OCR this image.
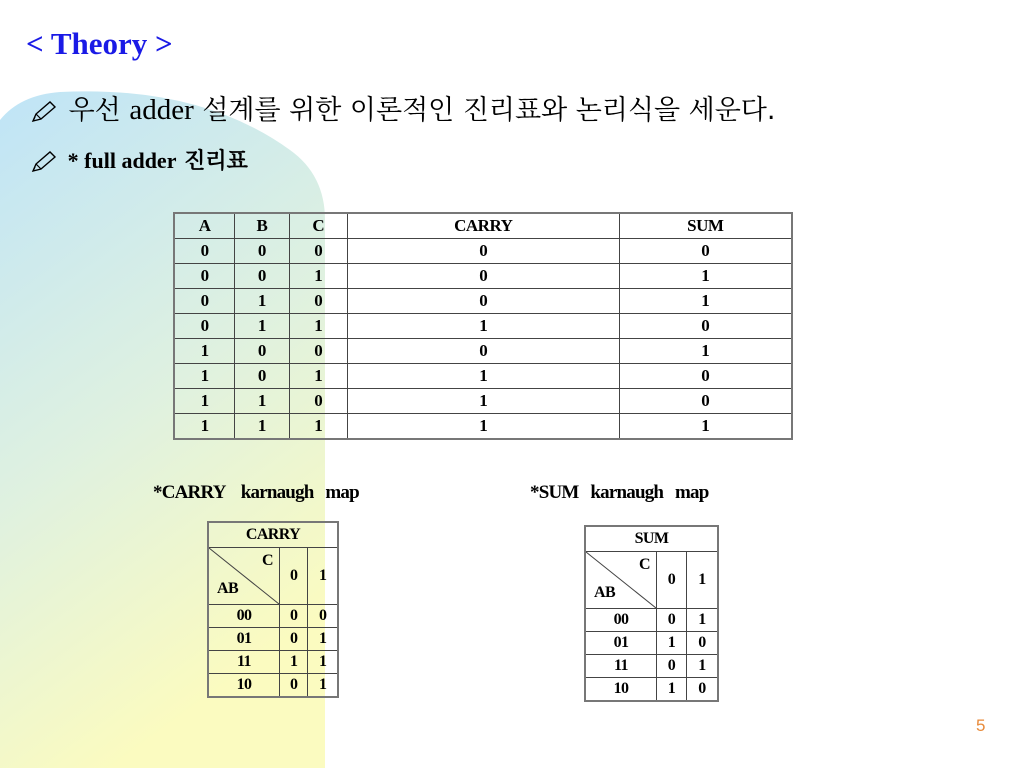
< Theory >
우선 adder 설계를 위한 이론적인 진리표와 논리식을 세운다.
* full adder 진리표
A	B	C	CARRY	SUM
0	0	0	0	0
0	0	1	0	1
0	1	0	0	1
0	1	1	1	0
1	0	0	0	1
1	0	1	1	0
1	1	0	1	0
1	1	1	1	1
*CARRY    karnaugh   map	*SUM   karnaugh   map
CARRY		

C
AB	0	1
00	0	0
01	0	1
11	1	1
10	0	1
SUM		

C
AB	0	1
00	0	1
01	1	0
11	0	1
10	1	0
5
